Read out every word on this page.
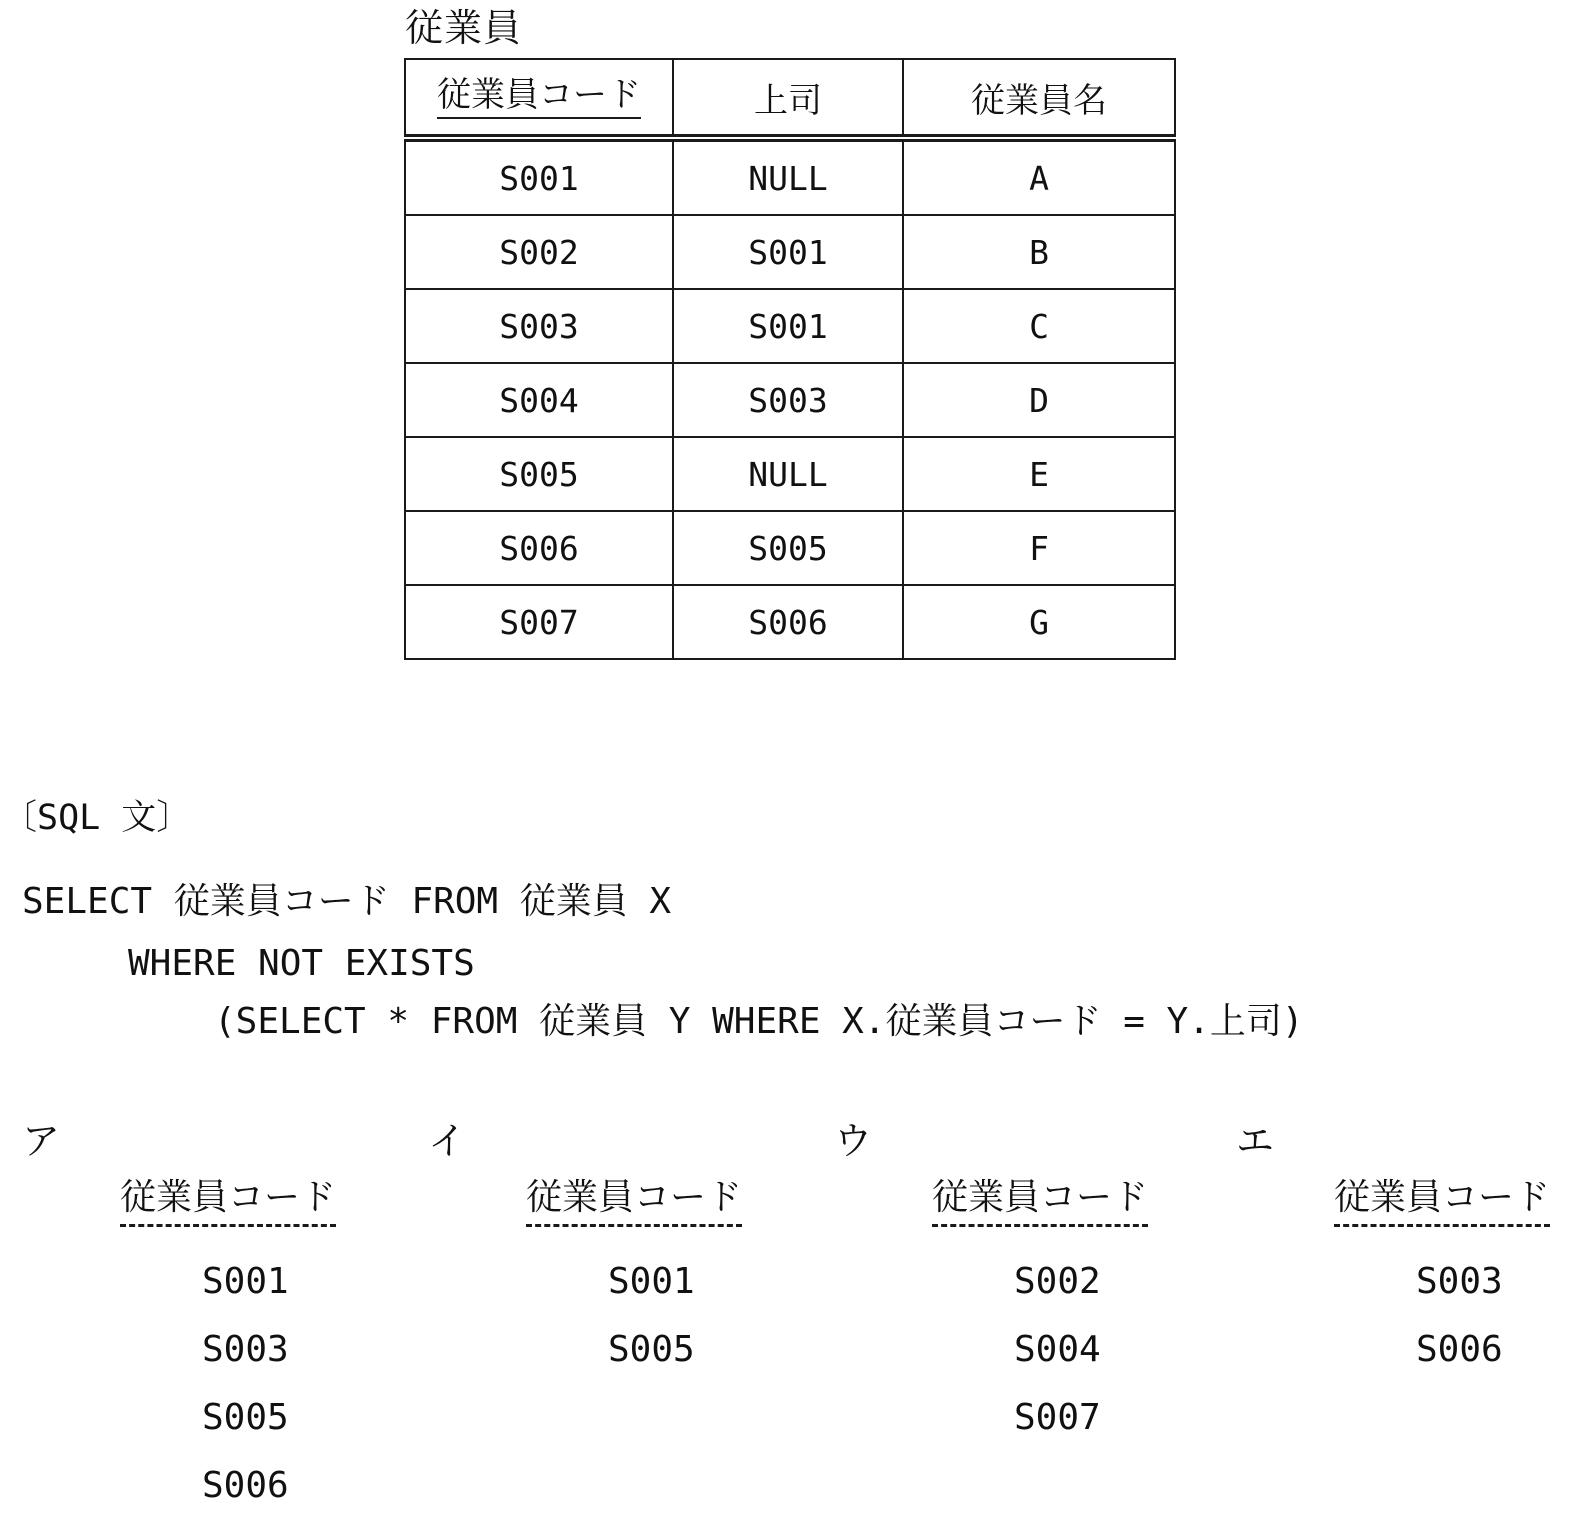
従業員
従業員コード	上司	従業員名
S001	NULL	A
S002	S001	B
S003	S001	C
S004	S003	D
S005	NULL	E
S006	S005	F
S007	S006	G
〔SQL 文〕
SELECT 従業員コード FROM 従業員 X
WHERE NOT EXISTS
(SELECT * FROM 従業員 Y WHERE X.従業員コード = Y.上司)
ア
従業員コード
S001
S003
S005
S006
イ
従業員コード
S001
S005
ウ
従業員コード
S002
S004
S007
エ
従業員コード
S003
S006
